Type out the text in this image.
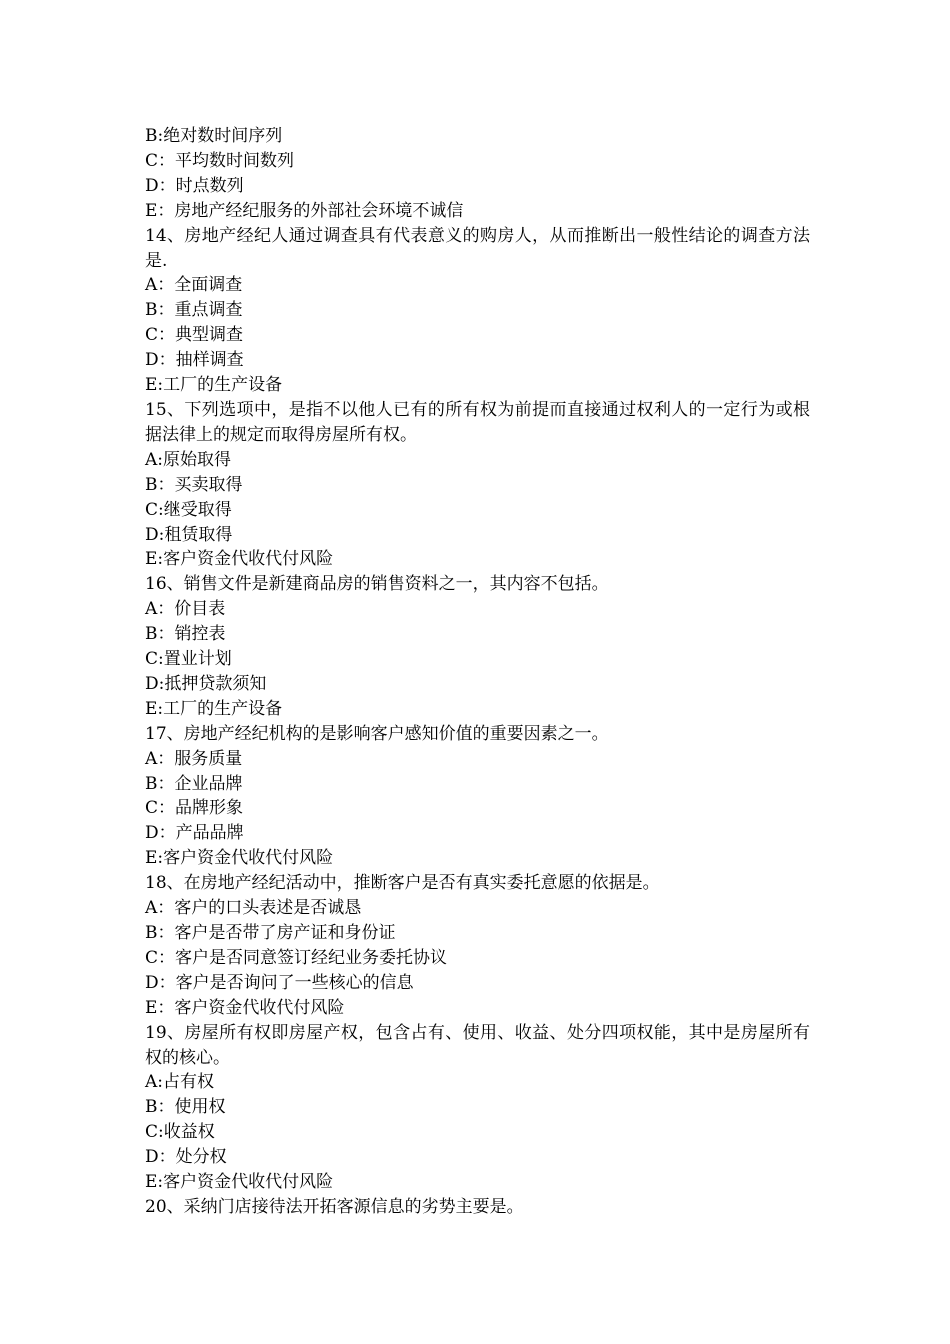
B:绝对数时间序列
C：平均数时间数列
D：时点数列
E：房地产经纪服务的外部社会环境不诚信
14、房地产经纪人通过调查具有代表意义的购房人，从而推断出一般性结论的调查方法是.
A：全面调查
B：重点调查
C：典型调查
D：抽样调查
E:工厂的生产设备
15、下列选项中，是指不以他人已有的所有权为前提而直接通过权利人的一定行为或根据法律上的规定而取得房屋所有权。
A:原始取得
B：买卖取得
C:继受取得
D:租赁取得
E:客户资金代收代付风险
16、销售文件是新建商品房的销售资料之一，其内容不包括。
A：价目表
B：销控表
C:置业计划
D:抵押贷款须知
E:工厂的生产设备
17、房地产经纪机构的是影响客户感知价值的重要因素之一。
A：服务质量
B：企业品牌
C：品牌形象
D：产品品牌
E:客户资金代收代付风险
18、在房地产经纪活动中，推断客户是否有真实委托意愿的依据是。
A：客户的口头表述是否诚恳
B：客户是否带了房产证和身份证
C：客户是否同意签订经纪业务委托协议
D：客户是否询问了一些核心的信息
E：客户资金代收代付风险
19、房屋所有权即房屋产权，包含占有、使用、收益、处分四项权能，其中是房屋所有权的核心。
A:占有权
B：使用权
C:收益权
D：处分权
E:客户资金代收代付风险
20、采纳门店接待法开拓客源信息的劣势主要是。
